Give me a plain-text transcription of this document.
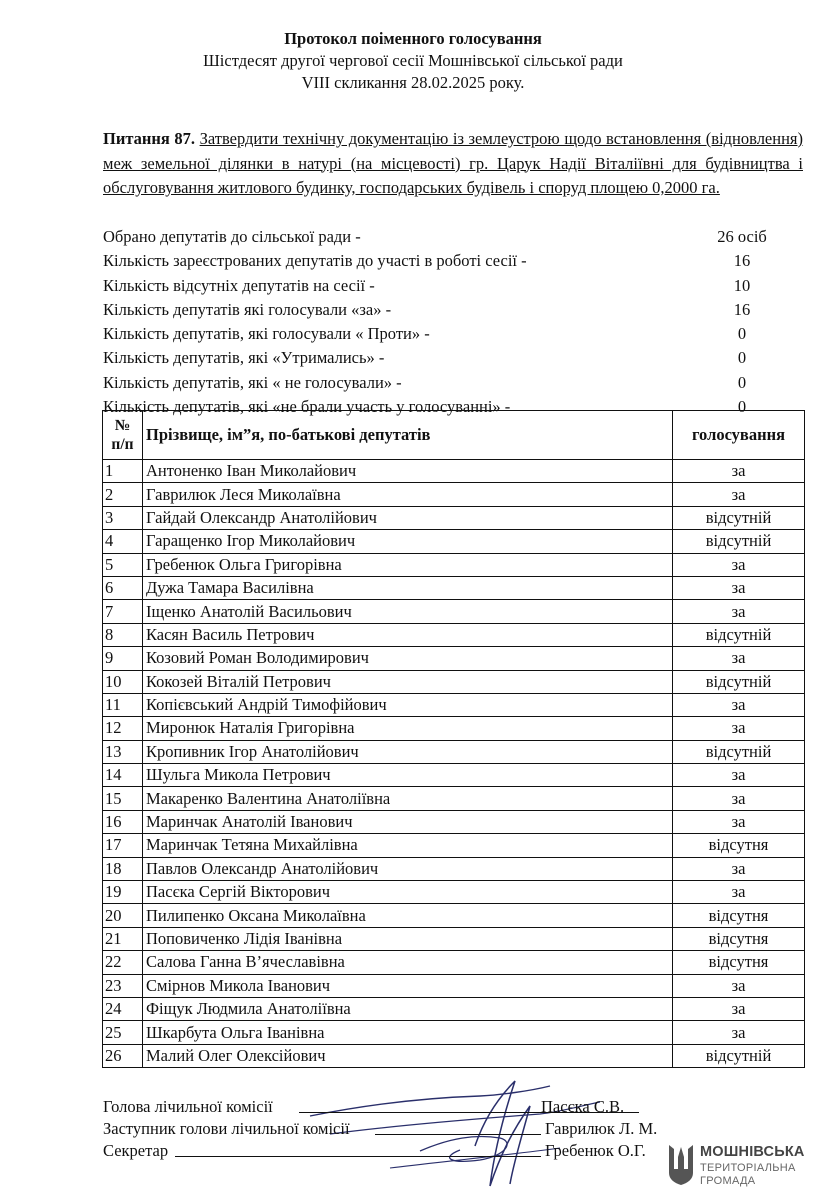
Протокол поіменного голосування
Шістдесят другої чергової сесії Мошнівської сільської ради
VIII скликання 28.02.2025 року.
Питання 87. Затвердити технічну документацію із землеустрою щодо встановлення (відновлення) меж земельної ділянки в натурі (на місцевості) гр. Царук Надії Віталіївні для будівництва і обслуговування житлового будинку, господарських будівель і споруд площею 0,2000 га.
Обрано депутатів до сільської ради -	26 осіб
Кількість зареєстрованих депутатів до участі в роботі сесії -	16
Кількість відсутніх депутатів на сесії -	10
Кількість депутатів які голосували «за» -	16
Кількість депутатів, які голосували « Проти» -	0
Кількість депутатів, які «Утримались» -	0
Кількість депутатів, які « не голосували» -	0
Кількість депутатів, які «не брали участь у голосуванні» -	0
№
п/п	Прізвище, ім”я, по-батькові депутатів	голосування
1	Антоненко Іван Миколайович	за
2	Гаврилюк Леся Миколаївна	за
3	Гайдай Олександр Анатолійович	відсутній
4	Гаращенко Ігор Миколайович	відсутній
5	Гребенюк Ольга Григорівна	за
6	Дужа Тамара Василівна	за
7	Іщенко Анатолій Васильович	за
8	Касян Василь Петрович	відсутній
9	Козовий Роман Володимирович	за
10	Кокозей Віталій Петрович	відсутній
11	Копієвський Андрій Тимофійович	за
12	Миронюк Наталія Григорівна	за
13	Кропивник Ігор Анатолійович	відсутній
14	Шульга Микола Петрович	за
15	Макаренко Валентина Анатоліївна	за
16	Маринчак Анатолій Іванович	за
17	Маринчак Тетяна Михайлівна	відсутня
18	Павлов Олександр Анатолійович	за
19	Пасєка Сергій Вікторович	за
20	Пилипенко Оксана Миколаївна	відсутня
21	Поповиченко Лідія Іванівна	відсутня
22	Салова Ганна В’ячеславівна	відсутня
23	Смірнов Микола Іванович	за
24	Фіщук Людмила Анатоліївна	за
25	Шкарбута Ольга Іванівна	за
26	Малий Олег Олексійович	відсутній
Голова лічильної комісії	Пасєка С.В.
Заступник голови лічильної комісії	Гаврилюк Л. М.
Секретар	Гребенюк О.Г.	МОШНІВСЬКА
ТЕРИТОРІАЛЬНА
ГРОМАДА
